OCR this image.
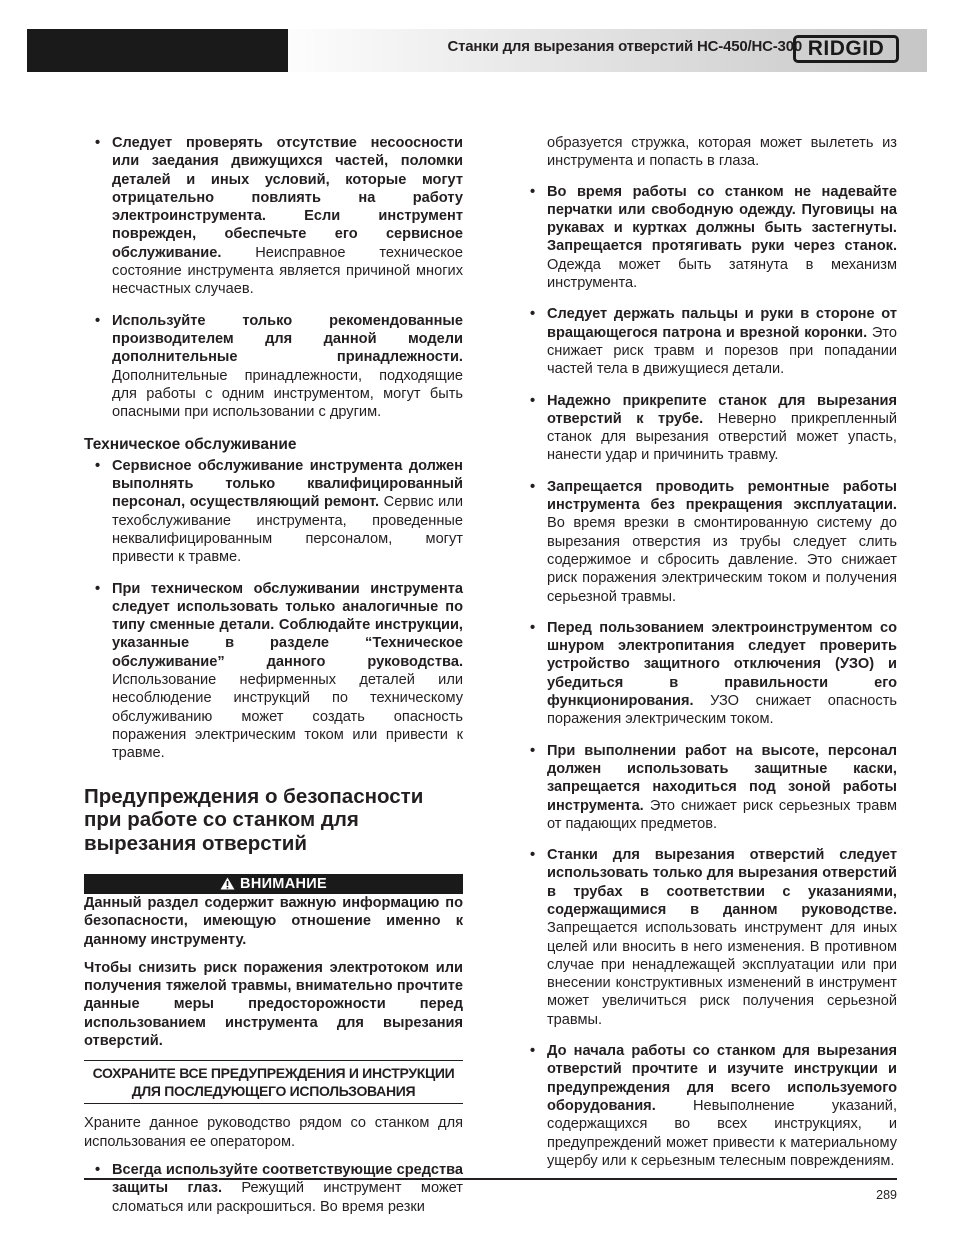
Станки для вырезания отверстий HC-450/HC-300 RIDGID
• Следует проверять отсутствие несоосности или заедания движущихся частей, поломки деталей и иных условий, которые могут отрицательно повлиять на работу электроинструмента. Если инструмент поврежден, обеспечьте его сервисное обслуживание. Неисправное техническое состояние инструмента является причиной многих несчастных случаев.
• Используйте только рекомендованные производителем для данной модели дополнительные принадлежности. Дополнительные принадлежности, подходящие для работы с одним инструментом, могут быть опасными при использовании с другим.
Техническое обслуживание
• Сервисное обслуживание инструмента должен выполнять только квалифицированный персонал, осуществляющий ремонт. Сервис или техобслуживание инструмента, проведенные неквалифицированным персоналом, могут привести к травме.
• При техническом обслуживании инструмента следует использовать только аналогичные по типу сменные детали. Соблюдайте инструкции, указанные в разделе “Техническое обслуживание” данного руководства. Использование нефирменных деталей или несоблюдение инструкций по техническому обслуживанию может создать опасность поражения электрическим током или привести к травме.
Предупреждения о безопасности при работе со станком для вырезания отверстий
ВНИМАНИЕ
Данный раздел содержит важную информацию по безопасности, имеющую отношение именно к данному инструменту.
Чтобы снизить риск поражения электротоком или получения тяжелой травмы, внимательно прочтите данные меры предосторожности перед использованием инструмента для вырезания отверстий.
СОХРАНИТЕ ВСЕ ПРЕДУПРЕЖДЕНИЯ И ИНСТРУКЦИИ ДЛЯ ПОСЛЕДУЮЩЕГО ИСПОЛЬЗОВАНИЯ
Храните данное руководство рядом со станком для использования ее оператором.
• Всегда используйте соответствующие средства защиты глаз. Режущий инструмент может сломаться или раскрошиться. Во время резки
образуется стружка, которая может вылететь из инструмента и попасть в глаза.
• Во время работы со станком не надевайте перчатки или свободную одежду. Пуговицы на рукавах и куртках должны быть застегнуты. Запрещается протягивать руки через станок. Одежда может быть затянута в механизм инструмента.
• Следует держать пальцы и руки в стороне от вращающегося патрона и врезной коронки. Это снижает риск травм и порезов при попадании частей тела в движущиеся детали.
• Надежно прикрепите станок для вырезания отверстий к трубе. Неверно прикрепленный станок для вырезания отверстий может упасть, нанести удар и причинить травму.
• Запрещается проводить ремонтные работы инструмента без прекращения эксплуатации. Во время врезки в смонтированную систему до вырезания отверстия из трубы следует слить содержимое и сбросить давление. Это снижает риск поражения электрическим током и получения серьезной травмы.
• Перед пользованием электроинструментом со шнуром электропитания следует проверить устройство защитного отключения (УЗО) и убедиться в правильности его функционирования. УЗО снижает опасность поражения электрическим током.
• При выполнении работ на высоте, персонал должен использовать защитные каски, запрещается находиться под зоной работы инструмента. Это снижает риск серьезных травм от падающих предметов.
• Станки для вырезания отверстий следует использовать только для вырезания отверстий в трубах в соответствии с указаниями, содержащимися в данном руководстве. Запрещается использовать инструмент для иных целей или вносить в него изменения. В противном случае при ненадлежащей эксплуатации или при внесении конструктивных изменений в инструмент может увеличиться риск получения серьезной травмы.
• До начала работы со станком для вырезания отверстий прочтите и изучите инструкции и предупреждения для всего используемого оборудования. Невыполнение указаний, содержащихся во всех инструкциях, и предупреждений может привести к материальному ущербу или к серьезным телесным повреждениям.
289
